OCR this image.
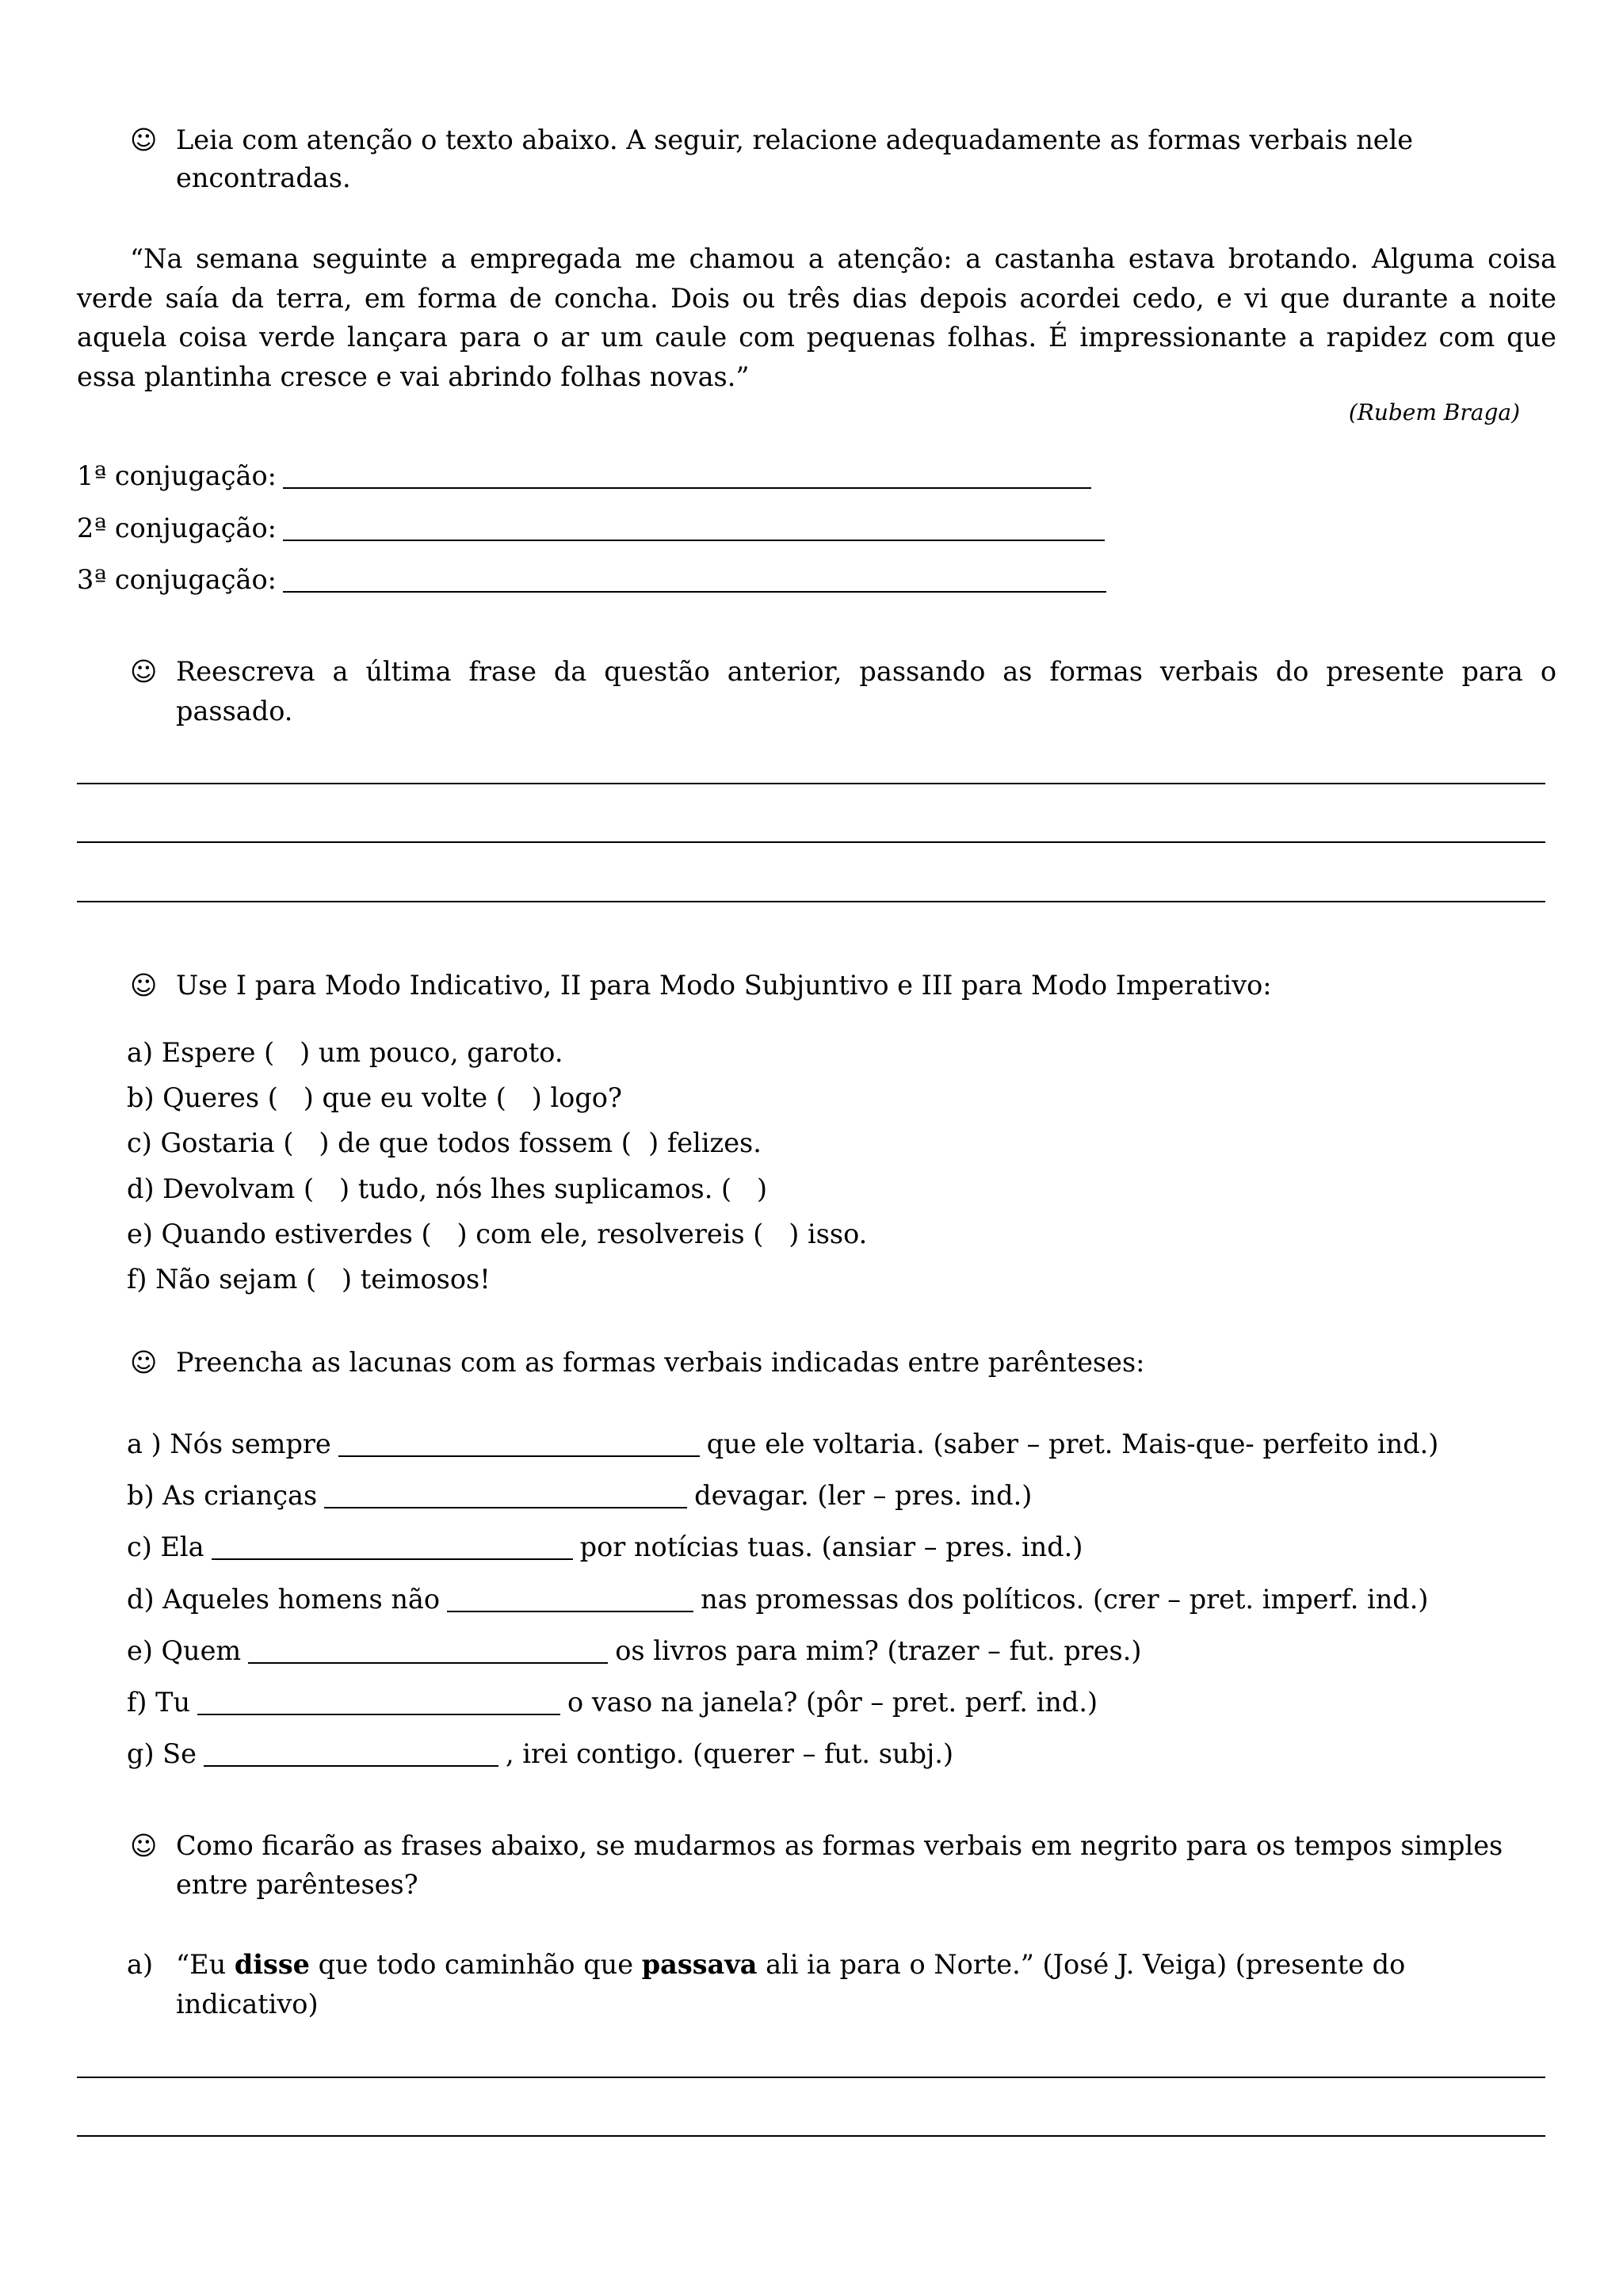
☺ Leia com atenção o texto abaixo. A seguir, relacione adequadamente as formas verbais nele
encontradas.
“Na semana seguinte a empregada me chamou a atenção: a castanha estava brotando. Alguma coisa
verde saía da terra, em forma de concha. Dois ou três dias depois acordei cedo, e vi que durante a noite
aquela coisa verde lançara para o ar um caule com pequenas folhas. É impressionante a rapidez com que
essa plantinha cresce e vai abrindo folhas novas.”
(Rubem Braga)
1ª conjugação:
2ª conjugação:
3ª conjugação:
☺ Reescreva a última frase da questão anterior, passando as formas verbais do presente para o
passado.
☺ Use I para Modo Indicativo, II para Modo Subjuntivo e III para Modo Imperativo:
a) Espere (   ) um pouco, garoto.
b) Queres (   ) que eu volte (   ) logo?
c) Gostaria (   ) de que todos fossem (  ) felizes.
d) Devolvam (   ) tudo, nós lhes suplicamos. (   )
e) Quando estiverdes (   ) com ele, resolvereis (   ) isso.
f) Não sejam (   ) teimosos!
☺ Preencha as lacunas com as formas verbais indicadas entre parênteses:
a ) Nós sempre	que ele voltaria. (saber – pret. Mais-que- perfeito ind.)
b) As crianças	devagar. (ler – pres. ind.)
c) Ela	por notícias tuas. (ansiar – pres. ind.)
d) Aqueles homens não	nas promessas dos políticos. (crer – pret. imperf. ind.)
e) Quem	os livros para mim? (trazer – fut. pres.)
f) Tu	o vaso na janela? (pôr – pret. perf. ind.)
g) Se	, irei contigo. (querer – fut. subj.)
☺ Como ficarão as frases abaixo, se mudarmos as formas verbais em negrito para os tempos simples
entre parênteses?
a) “Eu disse que todo caminhão que passava ali ia para o Norte.” (José J. Veiga) (presente do
indicativo)
